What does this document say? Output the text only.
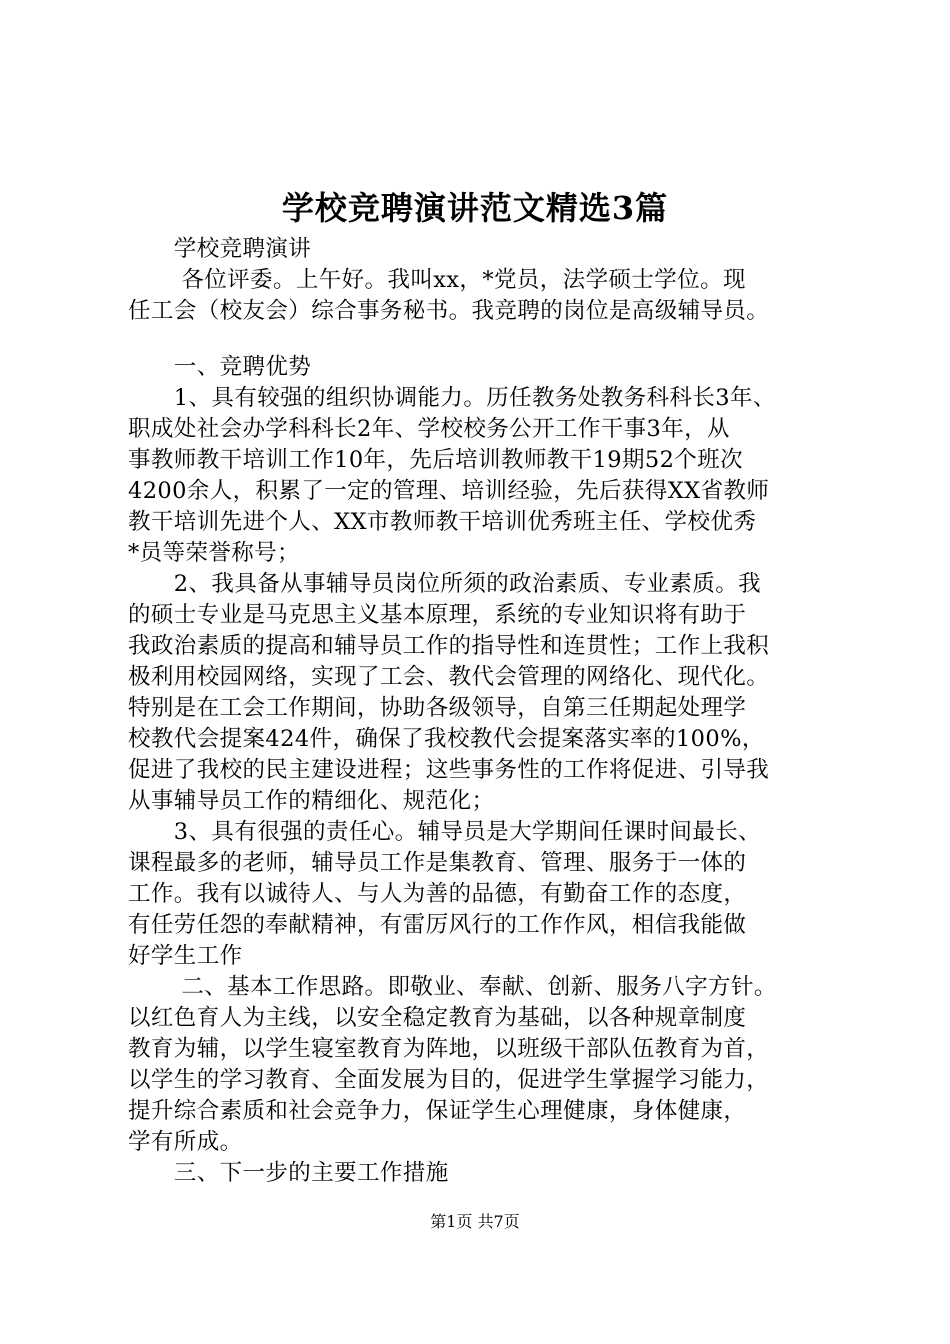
学校竞聘演讲范文精选3篇
　　学校竞聘演讲
　　 各位评委。上午好。我叫xx，*党员，法学硕士学位。现
任工会（校友会）综合事务秘书。我竞聘的岗位是高级辅导员。
　　一、竞聘优势
　　1、具有较强的组织协调能力。历任教务处教务科科长3年、
职成处社会办学科科长2年、学校校务公开工作干事3年，从
事教师教干培训工作10年，先后培训教师教干19期52个班次
4200余人，积累了一定的管理、培训经验，先后获得XX省教师
教干培训先进个人、XX市教师教干培训优秀班主任、学校优秀
*员等荣誉称号；
　　2、我具备从事辅导员岗位所须的政治素质、专业素质。我
的硕士专业是马克思主义基本原理，系统的专业知识将有助于
我政治素质的提高和辅导员工作的指导性和连贯性；工作上我积
极利用校园网络，实现了工会、教代会管理的网络化、现代化。
特别是在工会工作期间，协助各级领导，自第三任期起处理学
校教代会提案424件，确保了我校教代会提案落实率的100%，
促进了我校的民主建设进程；这些事务性的工作将促进、引导我
从事辅导员工作的精细化、规范化；
　　3、具有很强的责任心。辅导员是大学期间任课时间最长、
课程最多的老师，辅导员工作是集教育、管理、服务于一体的
工作。我有以诚待人、与人为善的品德，有勤奋工作的态度，
有任劳任怨的奉献精神，有雷厉风行的工作作风，相信我能做
好学生工作
　　 二、基本工作思路。即敬业、奉献、创新、服务八字方针。
以红色育人为主线，以安全稳定教育为基础，以各种规章制度
教育为辅，以学生寝室教育为阵地，以班级干部队伍教育为首，
以学生的学习教育、全面发展为目的，促进学生掌握学习能力，
提升综合素质和社会竞争力，保证学生心理健康，身体健康，
学有所成。
　　三、下一步的主要工作措施
第1页 共7页
